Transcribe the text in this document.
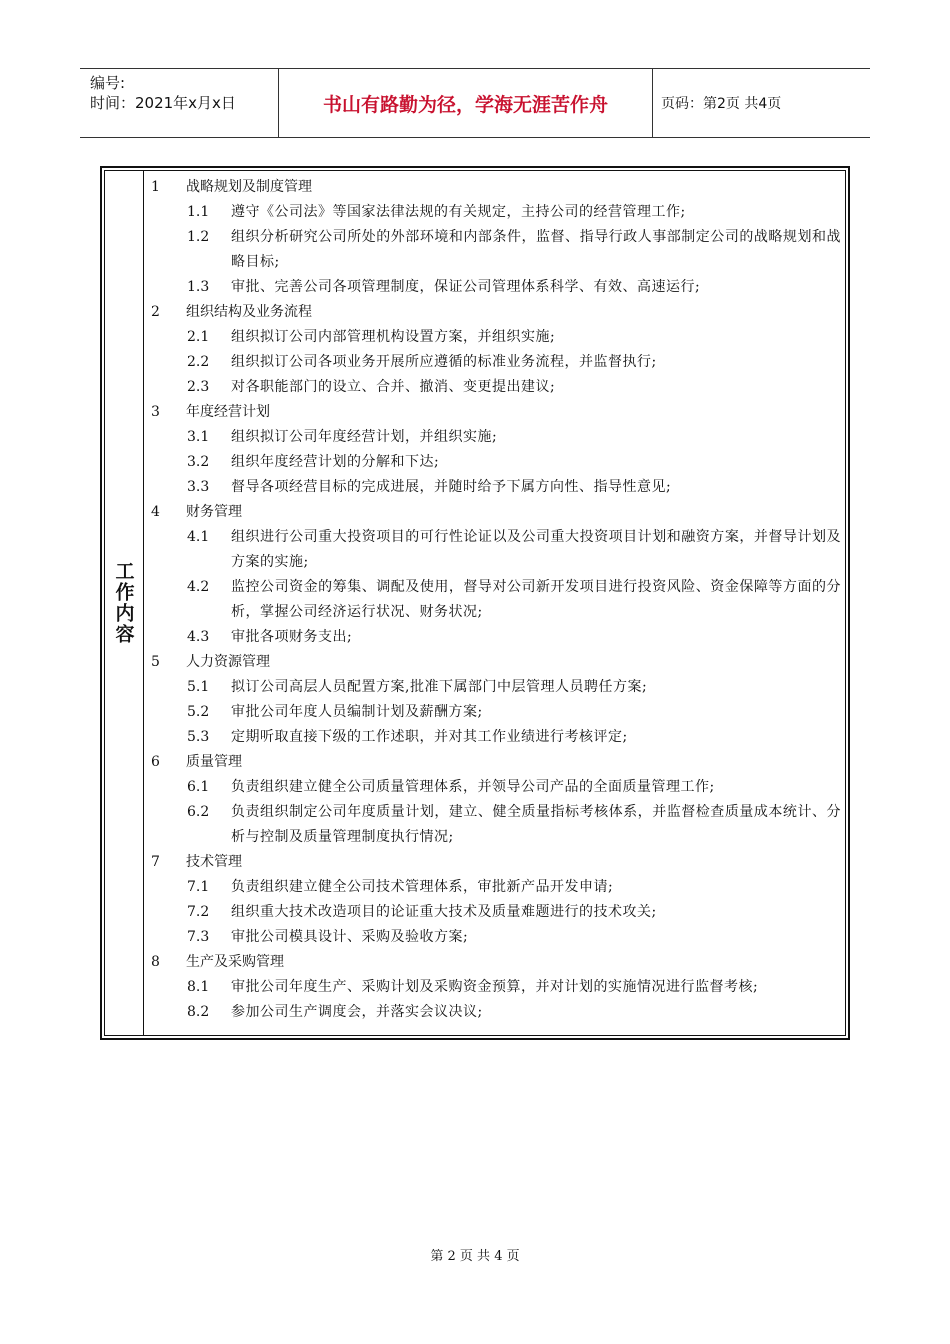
编号:
时间：2021年x月x日	书山有路勤为径，学海无涯苦作舟	页码：第2页 共4页
工作内容
1	战略规划及制度管理
1.1	遵守《公司法》等国家法律法规的有关规定，主持公司的经营管理工作;
1.2	组织分析研究公司所处的外部环境和内部条件，监督、指导行政人事部制定公司的战略规划和战略目标;
1.3	审批、完善公司各项管理制度，保证公司管理体系科学、有效、高速运行;
2	组织结构及业务流程
2.1	组织拟订公司内部管理机构设置方案，并组织实施;
2.2	组织拟订公司各项业务开展所应遵循的标准业务流程，并监督执行;
2.3	对各职能部门的设立、合并、撤消、变更提出建议;
3	年度经营计划
3.1	组织拟订公司年度经营计划，并组织实施;
3.2	组织年度经营计划的分解和下达;
3.3	督导各项经营目标的完成进展，并随时给予下属方向性、指导性意见;
4	财务管理
4.1	组织进行公司重大投资项目的可行性论证以及公司重大投资项目计划和融资方案，并督导计划及方案的实施;
4.2	监控公司资金的筹集、调配及使用，督导对公司新开发项目进行投资风险、资金保障等方面的分析，掌握公司经济运行状况、财务状况;
4.3	审批各项财务支出;
5	人力资源管理
5.1	拟订公司高层人员配置方案,批准下属部门中层管理人员聘任方案;
5.2	审批公司年度人员编制计划及薪酬方案;
5.3	定期听取直接下级的工作述职，并对其工作业绩进行考核评定;
6	质量管理
6.1	负责组织建立健全公司质量管理体系，并领导公司产品的全面质量管理工作;
6.2	负责组织制定公司年度质量计划，建立、健全质量指标考核体系，并监督检查质量成本统计、分析与控制及质量管理制度执行情况;
7	技术管理
7.1	负责组织建立健全公司技术管理体系，审批新产品开发申请;
7.2	组织重大技术改造项目的论证重大技术及质量难题进行的技术攻关;
7.3	审批公司模具设计、采购及验收方案;
8	生产及采购管理
8.1	审批公司年度生产、采购计划及采购资金预算，并对计划的实施情况进行监督考核;
8.2	参加公司生产调度会，并落实会议决议;
第 2 页 共 4 页
